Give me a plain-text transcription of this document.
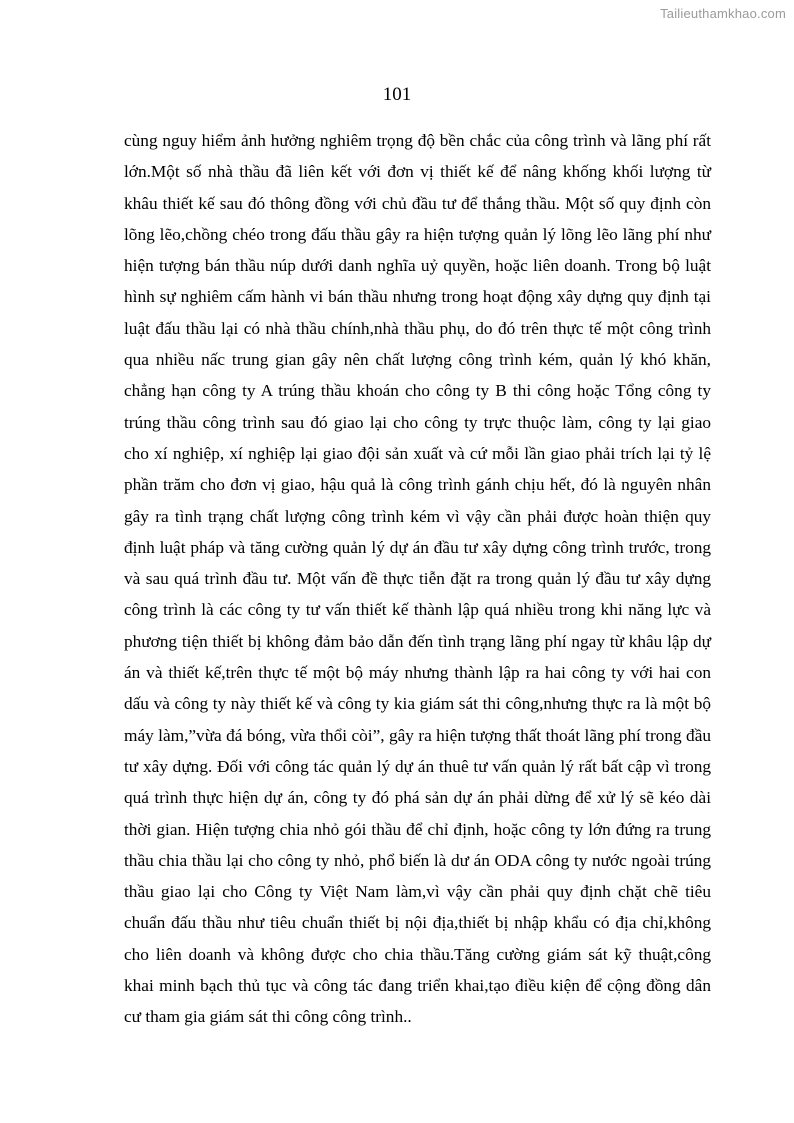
Tailieuthamkhao.com
101
cùng nguy hiểm ảnh hưởng nghiêm trọng độ bền chắc của công trình và lãng phí rất
lớn.Một số nhà thầu đã liên kết với đơn vị thiết kế để nâng khống khối lượng từ
khâu thiết kế sau đó thông đồng với chủ đầu tư để thắng thầu. Một số quy định còn
lõng lẽo,chồng chéo trong đấu thầu gây ra hiện tượng quản lý lõng lẽo lãng phí như
hiện tượng bán thầu núp dưới danh nghĩa uỷ quyền, hoặc liên doanh. Trong bộ luật
hình sự nghiêm cấm hành vi bán thầu nhưng trong hoạt động xây dựng quy định tại
luật đấu thầu lại có nhà thầu chính,nhà thầu phụ, do đó trên thực tế một công trình
qua nhiều nấc trung gian gây nên chất lượng công trình kém, quản lý khó khăn,
chẳng hạn công ty A trúng thầu khoán cho công ty B thi công hoặc Tổng công ty
trúng thầu công trình sau đó giao lại cho công ty trực thuộc làm, công ty lại giao
cho xí nghiệp, xí nghiệp lại giao đội sản xuất và cứ mỗi lần giao phải trích lại tỷ lệ
phần trăm cho đơn vị giao, hậu quả là công trình gánh chịu hết, đó là nguyên nhân
gây ra tình trạng chất lượng công trình kém vì vậy cần phải được hoàn thiện quy
định luật pháp và tăng cường quản lý dự án đầu tư xây dựng công trình trước, trong
và sau quá trình đầu tư. Một vấn đề thực tiễn đặt ra trong quản lý đầu tư xây dựng
công trình là các công ty tư vấn thiết kế thành lập quá nhiều trong khi năng lực và
phương tiện thiết bị không đảm bảo dẫn đến tình trạng lãng phí ngay từ khâu lập dự
án và thiết kế,trên thực tế một bộ máy nhưng thành lập ra hai công ty với hai con
dấu và công ty này thiết kế và công ty kia giám sát thi công,nhưng thực ra là một bộ
máy làm,”vừa đá bóng, vừa thổi còi”, gây ra hiện tượng thất thoát lãng phí trong đầu
tư xây dựng. Đối với công tác quản lý dự án thuê tư vấn quản lý rất bất cập vì trong
quá trình thực hiện dự án, công ty đó phá sản dự án phải dừng để xử lý sẽ kéo dài
thời gian. Hiện tượng chia nhỏ gói thầu để chỉ định, hoặc công ty lớn đứng ra trung
thầu chia thầu lại cho công ty nhỏ, phổ biến là dư án ODA công ty nước ngoài trúng
thầu giao lại cho Công ty Việt Nam làm,vì vậy cần phải quy định chặt chẽ tiêu
chuẩn đấu thầu như tiêu chuẩn thiết bị nội địa,thiết bị nhập khẩu có địa chỉ,không
cho liên doanh và không được cho chia thầu.Tăng cường giám sát kỹ thuật,công
khai minh bạch thủ tục và công tác đang triển khai,tạo điều kiện để cộng đồng dân
cư tham gia giám sát thi công công trình..
